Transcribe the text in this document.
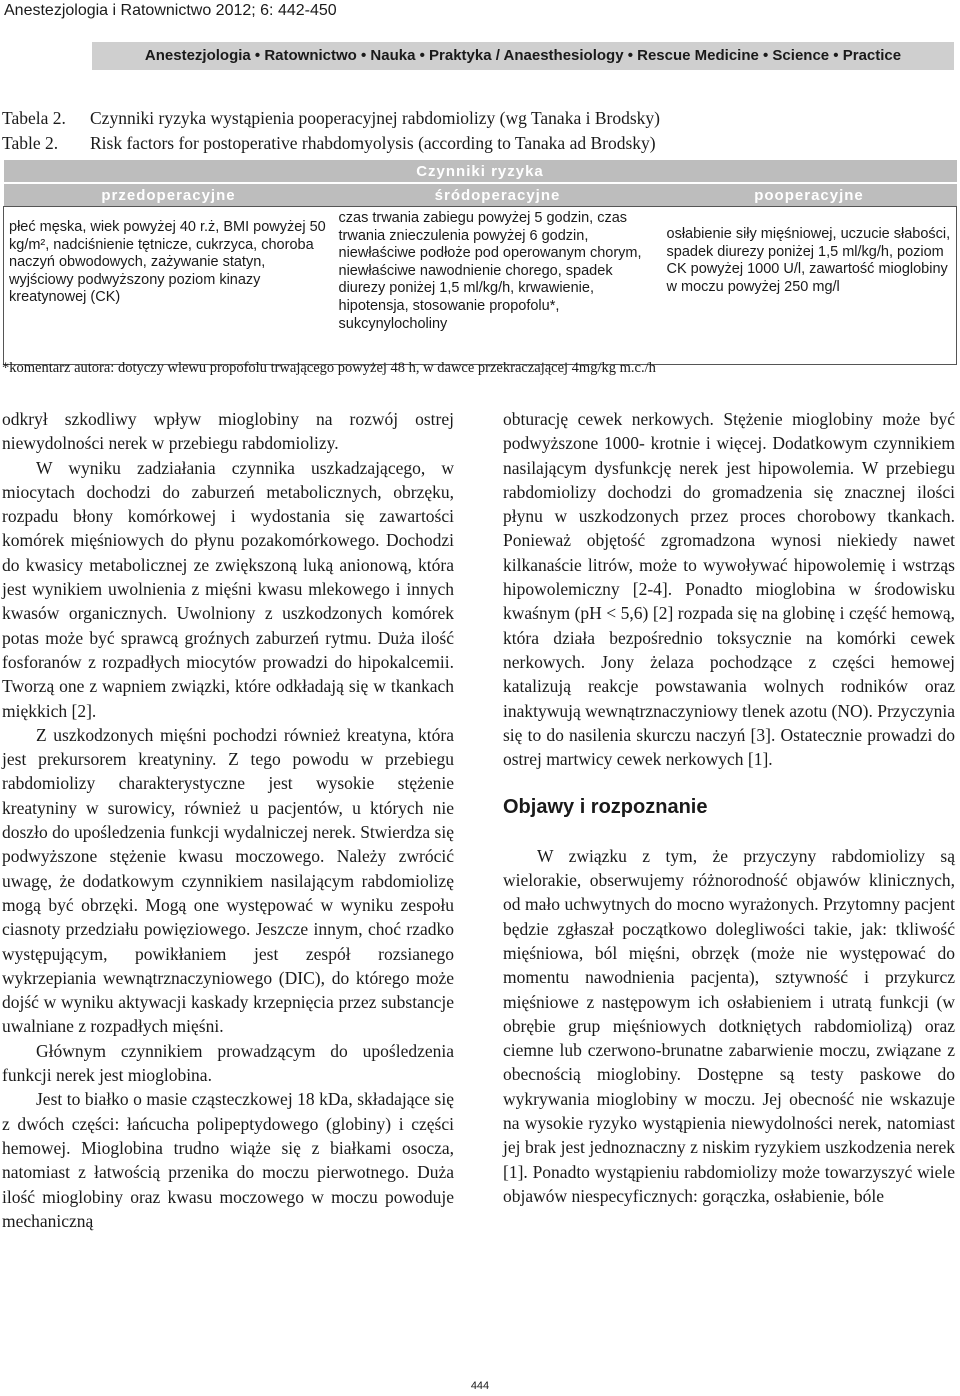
Anestezjologia i Ratownictwo 2012; 6: 442-450
Anestezjologia • Ratownictwo • Nauka • Praktyka / Anaesthesiology • Rescue Medicine • Science • Practice
Tabela 2. Czynniki ryzyka wystąpienia pooperacyjnej rabdomiolizy (wg Tanaka i Brodsky)
Table 2. Risk factors for postoperative rhabdomyolysis (according to Tanaka ad Brodsky)
Czynniki ryzyka		
przedoperacyjne	śródoperacyjne	pooperacyjne
płeć męska, wiek powyżej 40 r.ż, BMI powyżej 50 kg/m², nadciśnienie tętnicze, cukrzyca, choroba naczyń obwodowych, zażywanie statyn, wyjściowy podwyższony poziom kinazy kreatynowej (CK)	czas trwania zabiegu powyżej 5 godzin, czas trwania znieczulenia powyżej 6 godzin, niewłaściwe podłoże pod operowanym chorym, niewłaściwe nawodnienie chorego, spadek diurezy poniżej 1,5 ml/kg/h, krwawienie, hipotensja, stosowanie propofolu*, sukcynylocholiny	osłabienie siły mięśniowej, uczucie słabości, spadek diurezy poniżej 1,5 ml/kg/h, poziom CK powyżej 1000 U/l, zawartość mioglobiny w moczu powyżej 250 mg/l
*komentarz autora: dotyczy wlewu propofolu trwającego powyżej 48 h, w dawce przekraczającej 4mg/kg m.c./h

odkrył szkodliwy wpływ mioglobiny na rozwój ostrej niewydolności nerek w przebiegu rabdomiolizy.

W wyniku zadziałania czynnika uszkadzającego, w miocytach dochodzi do zaburzeń metabolicznych, obrzęku, rozpadu błony komórkowej i wydostania się zawartości komórek mięśniowych do płynu pozakomórkowego. Dochodzi do kwasicy metabolicznej ze zwiększoną luką anionową, która jest wynikiem uwolnienia z mięśni kwasu mlekowego i innych kwasów organicznych. Uwolniony z uszkodzonych komórek potas może być sprawcą groźnych zaburzeń rytmu. Duża ilość fosforanów z rozpadłych miocytów prowadzi do hipokalcemii. Tworzą one z wapniem związki, które odkładają się w tkankach miękkich [2].

Z uszkodzonych mięśni pochodzi również kreatyna, która jest prekursorem kreatyniny. Z tego powodu w przebiegu rabdomiolizy charakterystyczne jest wysokie stężenie kreatyniny w surowicy, również u pacjentów, u których nie doszło do upośledzenia funkcji wydalniczej nerek. Stwierdza się podwyższone stężenie kwasu moczowego. Należy zwrócić uwagę, że dodatkowym czynnikiem nasilającym rabdomiolizę mogą być obrzęki. Mogą one występować w wyniku zespołu ciasnoty przedziału powięziowego. Jeszcze innym, choć rzadko występującym, powikłaniem jest zespół rozsianego wykrzepiania wewnątrznaczyniowego (DIC), do którego może dojść w wyniku aktywacji kaskady krzepnięcia przez substancje uwalniane z rozpadłych mięśni.

Głównym czynnikiem prowadzącym do upośledzenia funkcji nerek jest mioglobina.

Jest to białko o masie cząsteczkowej 18 kDa, składające się z dwóch części: łańcucha polipeptydowego (globiny) i części hemowej. Mioglobina trudno wiąże się z białkami osocza, natomiast z łatwością przenika do moczu pierwotnego. Duża ilość mioglobiny oraz kwasu moczowego w moczu powoduje mechaniczną

obturację cewek nerkowych. Stężenie mioglobiny może być podwyższone 1000- krotnie i więcej. Dodatkowym czynnikiem nasilającym dysfunkcję nerek jest hipowolemia. W przebiegu rabdomiolizy dochodzi do gromadzenia się znacznej ilości płynu w uszkodzonych przez proces chorobowy tkankach. Ponieważ objętość zgromadzona wynosi niekiedy nawet kilkanaście litrów, może to wywoływać hipowolemię i wstrząs hipowolemiczny [2-4]. Ponadto mioglobina w środowisku kwaśnym (pH < 5,6) [2] rozpada się na globinę i część hemową, która działa bezpośrednio toksycznie na komórki cewek nerkowych. Jony żelaza pochodzące z części hemowej katalizują reakcje powstawania wolnych rodników oraz inaktywują wewnątrznaczyniowy tlenek azotu (NO). Przyczynia się to do nasilenia skurczu naczyń [3]. Ostatecznie prowadzi do ostrej martwicy cewek nerkowych [1].

Objawy i rozpoznanie

W związku z tym, że przyczyny rabdomiolizy są wielorakie, obserwujemy różnorodność objawów klinicznych, od mało uchwytnych do mocno wyrażonych. Przytomny pacjent będzie zgłaszał początkowo dolegliwości takie, jak: tkliwość mięśniowa, ból mięśni, obrzęk (może nie występować do momentu nawodnienia pacjenta), sztywność i przykurcz mięśniowe z następowym ich osłabieniem i utratą funkcji (w obrębie grup mięśniowych dotkniętych rabdomiolizą) oraz ciemne lub czerwono-brunatne zabarwienie moczu, związane z obecnością mioglobiny. Dostępne są testy paskowe do wykrywania mioglobiny w moczu. Jej obecność nie wskazuje na wysokie ryzyko wystąpienia niewydolności nerek, natomiast jej brak jest jednoznaczny z niskim ryzykiem uszkodzenia nerek [1]. Ponadto wystąpieniu rabdomiolizy może towarzyszyć wiele objawów niespecyficznych: gorączka, osłabienie, bóle

444
